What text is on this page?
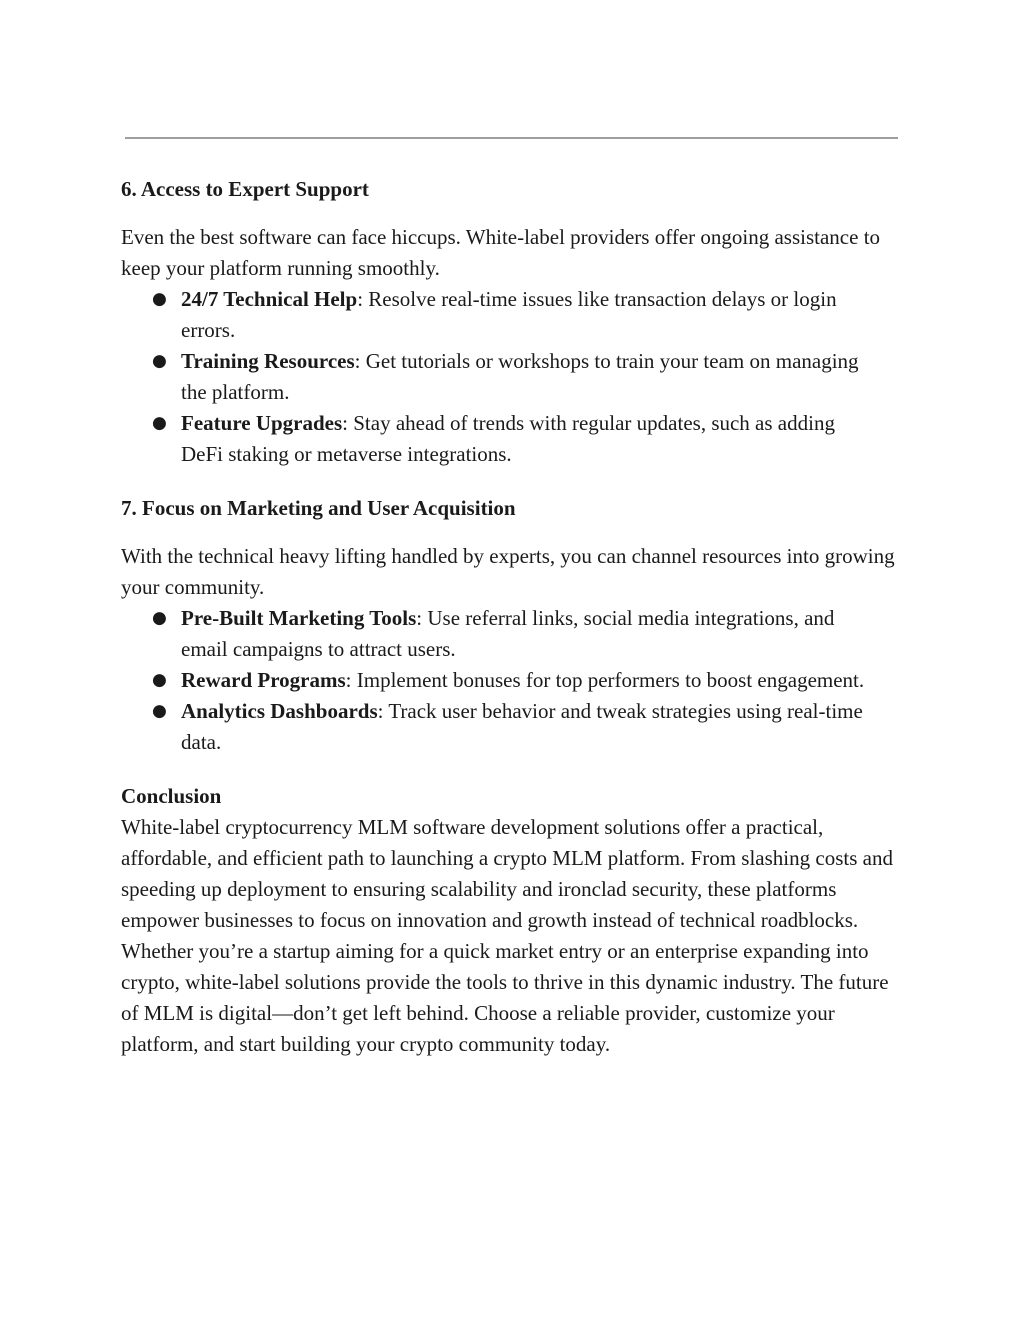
6. Access to Expert Support

Even the best software can face hiccups. White-label providers offer ongoing assistance to keep your platform running smoothly.

● 24/7 Technical Help: Resolve real-time issues like transaction delays or login errors.
● Training Resources: Get tutorials or workshops to train your team on managing the platform.
● Feature Upgrades: Stay ahead of trends with regular updates, such as adding DeFi staking or metaverse integrations.
7. Focus on Marketing and User Acquisition

With the technical heavy lifting handled by experts, you can channel resources into growing your community.

● Pre-Built Marketing Tools: Use referral links, social media integrations, and email campaigns to attract users.
● Reward Programs: Implement bonuses for top performers to boost engagement.
● Analytics Dashboards: Track user behavior and tweak strategies using real-time data.

Conclusion

White-label cryptocurrency MLM software development solutions offer a practical, affordable, and efficient path to launching a crypto MLM platform. From slashing costs and speeding up deployment to ensuring scalability and ironclad security, these platforms empower businesses to focus on innovation and growth instead of technical roadblocks. Whether you’re a startup aiming for a quick market entry or an enterprise expanding into crypto, white-label solutions provide the tools to thrive in this dynamic industry. The future of MLM is digital—don’t get left behind. Choose a reliable provider, customize your platform, and start building your crypto community today.
